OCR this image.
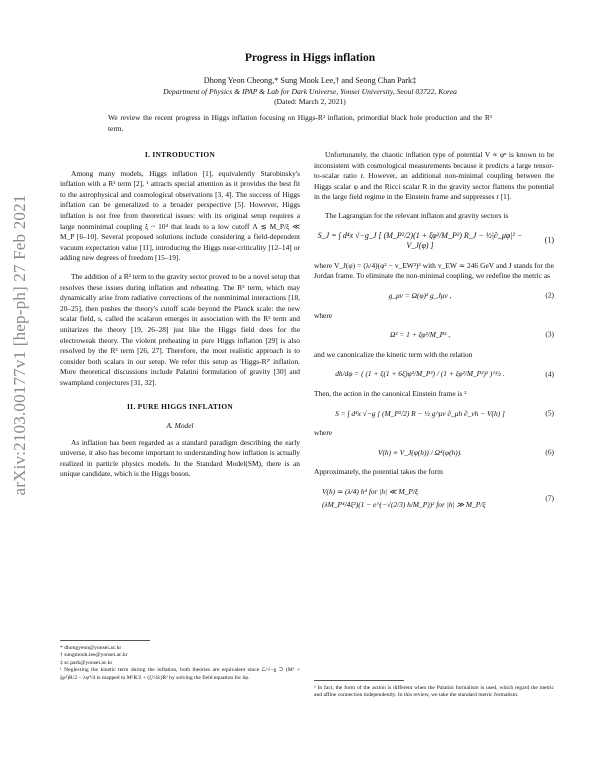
arXiv:2103.00177v1 [hep-ph] 27 Feb 2021

Progress in Higgs inflation

Dhong Yeon Cheong,* Sung Mook Lee,† and Seong Chan Park‡

Department of Physics & IPAP & Lab for Dark Universe, Yonsei University, Seoul 03722, Korea

(Dated: March 2, 2021)

We review the recent progress in Higgs inflation focusing on Higgs-R² inflation, primordial black hole production and the R³ term.

I. INTRODUCTION

Among many models, Higgs inflation [1], equivalently Starobinsky's inflation with a R² term [2], ¹ attracts special attention as it provides the best fit to the astrophysical and cosmological observations [3, 4]. The success of Higgs inflation can be generalized to a broader perspective [5]. However, Higgs inflation is not free from theoretical issues: with its original setup requires a large nonminimal coupling ξ ~ 10⁴ that leads to a low cutoff Λ ≲ M_P/ξ ≪ M_P [6–10]. Several proposed solutions include considering a field-dependent vacuum expectation value [11], introducing the Higgs near-criticality [12–14] or adding new degrees of freedom [15–19].

The addition of a R² term to the gravity sector proved to be a novel setup that resolves these issues during inflation and reheating. The R² term, which may dynamically arise from radiative corrections of the nonminimal interactions [18, 20–25], then pushes the theory's cutoff scale beyond the Planck scale: the new scalar field, s, called the scalaron emerges in association with the R² term and unitarizes the theory [19, 26–28] just like the Higgs field does for the electroweak theory. The violent preheating in pure Higgs inflation [29] is also resolved by the R² term [26, 27]. Therefore, the most realistic approach is to consider both scalars in our setup. We refer this setup as 'Higgs-R²' inflation. More theoretical discussions include Palatini formulation of gravity [30] and swampland conjectures [31, 32].

II. PURE HIGGS INFLATION

A. Model

As inflation has been regarded as a standard paradigm describing the early universe, it also has become important to understanding how inflation is actually realized in particle physics models. In the Standard Model(SM), there is an unique candidate, which is the Higgs boson.

Unfortunately, the chaotic inflation type of potential V ∝ φⁿ is known to be inconsistent with cosmological measurements because it predicts a large tensor-to-scalar ratio r. However, an additional non-minimal coupling between the Higgs scalar φ and the Ricci scalar R in the gravity sector flattens the potential in the large field regime in the Einstein frame and suppresses r [1].

The Lagrangian for the relevant inflaton and gravity sectors is

S_J = ∫ d⁴x √−g_J [ (M_P²/2)(1 + ξφ²/M_P²) R_J − ½|∂_μφ|² − V_J(φ) ]
(1)

where V_J(φ) = (λ/4)(φ² − v_EW²)² with v_EW ≃ 246 GeV and J stands for the Jordan frame. To eliminate the non-minimal coupling, we redefine the metric as

g_μν = Ω(φ)² g_Jμν ,	(2)

where

Ω² = 1 + ξφ²/M_P² ,	(3)

and we canonicalize the kinetic term with the relation

dh/dφ = ( (1 + ξ(1 + 6ξ)φ²/M_P²) / (1 + ξφ²/M_P²)² )^½ .	(4)

Then, the action in the canonical Einstein frame is ²

S = ∫ d⁴x √−g [ (M_P²/2) R − ½ g^μν ∂_μh ∂_νh − V(h) ]	(5)

where

V(h) ≡ V_J(φ(h)) / Ω⁴(φ(h)).	(6)

Approximately, the potential takes the form

V(h) ≃ (λ/4) h⁴ for |h| ≪ M_P/ξ
(λM_P⁴/4ξ²)(1 − e^(−√(2/3) h/M_P))² for |h| ≫ M_P/ξ
(7)

* dhongyeon@yonsei.ac.kr

† sungmook.lee@yonsei.ac.kr

‡ sc.park@yonsei.ac.kr

¹ Neglecting the kinetic term during the inflation, both theories are equivalent since ℒ/√−g ⊃ (M² + ξφ²)R/2 − λφ⁴/4 is mapped to M²R/2 + (ξ²/4λ)R² by solving the field equation for δφ.

² In fact, the form of the action is different when the Palatini formalism is used, which regard the metric and affine connection independently. In this review, we take the standard metric formalism.
